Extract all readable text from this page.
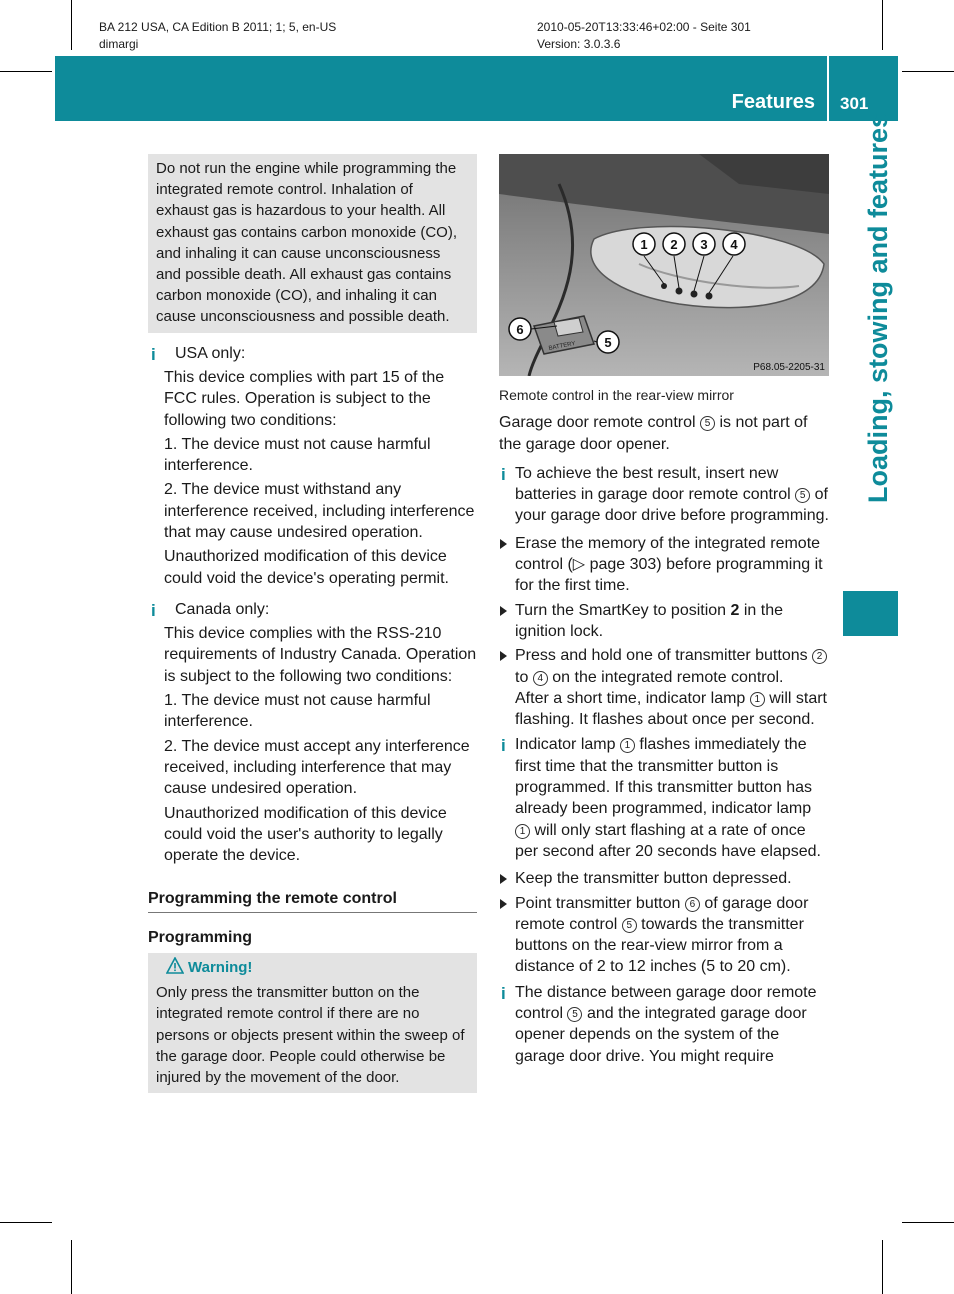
BA 212 USA, CA Edition B 2011; 1; 5, en-US
dimargi
2010-05-20T13:33:46+02:00 - Seite 301
Version: 3.0.3.6
Features 301
Loading, stowing and features
Do not run the engine while programming the integrated remote control. Inhalation of exhaust gas is hazardous to your health. All exhaust gas contains carbon monoxide (CO), and inhaling it can cause unconsciousness and possible death. All exhaust gas contains carbon monoxide (CO), and inhaling it can cause unconsciousness and possible death.
i USA only:
This device complies with part 15 of the FCC rules. Operation is subject to the following two conditions:
1. The device must not cause harmful interference.
2. The device must withstand any interference received, including interference that may cause undesired operation.
Unauthorized modification of this device could void the device's operating permit.
i Canada only:
This device complies with the RSS-210 requirements of Industry Canada. Operation is subject to the following two conditions:
1. The device must not cause harmful interference.
2. The device must accept any interference received, including interference that may cause undesired operation.
Unauthorized modification of this device could void the user's authority to legally operate the device.
Programming the remote control
Programming
Warning!
Only press the transmitter button on the integrated remote control if there are no persons or objects present within the sweep of the garage door. People could otherwise be injured by the movement of the door.
1 2 3 4
BATTERY 5
6
P68.05-2205-31
Remote control in the rear-view mirror
Garage door remote control 5 is not part of the garage door opener.
i To achieve the best result, insert new batteries in garage door remote control 5 of your garage door drive before programming.
Erase the memory of the integrated remote control (▷ page 303) before programming it for the first time.
Turn the SmartKey to position 2 in the ignition lock.
Press and hold one of transmitter buttons 2 to 4 on the integrated remote control.
After a short time, indicator lamp 1 will start flashing. It flashes about once per second.
i Indicator lamp 1 flashes immediately the first time that the transmitter button is programmed. If this transmitter button has already been programmed, indicator lamp 1 will only start flashing at a rate of once per second after 20 seconds have elapsed.
Keep the transmitter button depressed.
Point transmitter button 6 of garage door remote control 5 towards the transmitter buttons on the rear-view mirror from a distance of 2 to 12 inches (5 to 20 cm).
i The distance between garage door remote control 5 and the integrated garage door opener depends on the system of the garage door drive. You might require
